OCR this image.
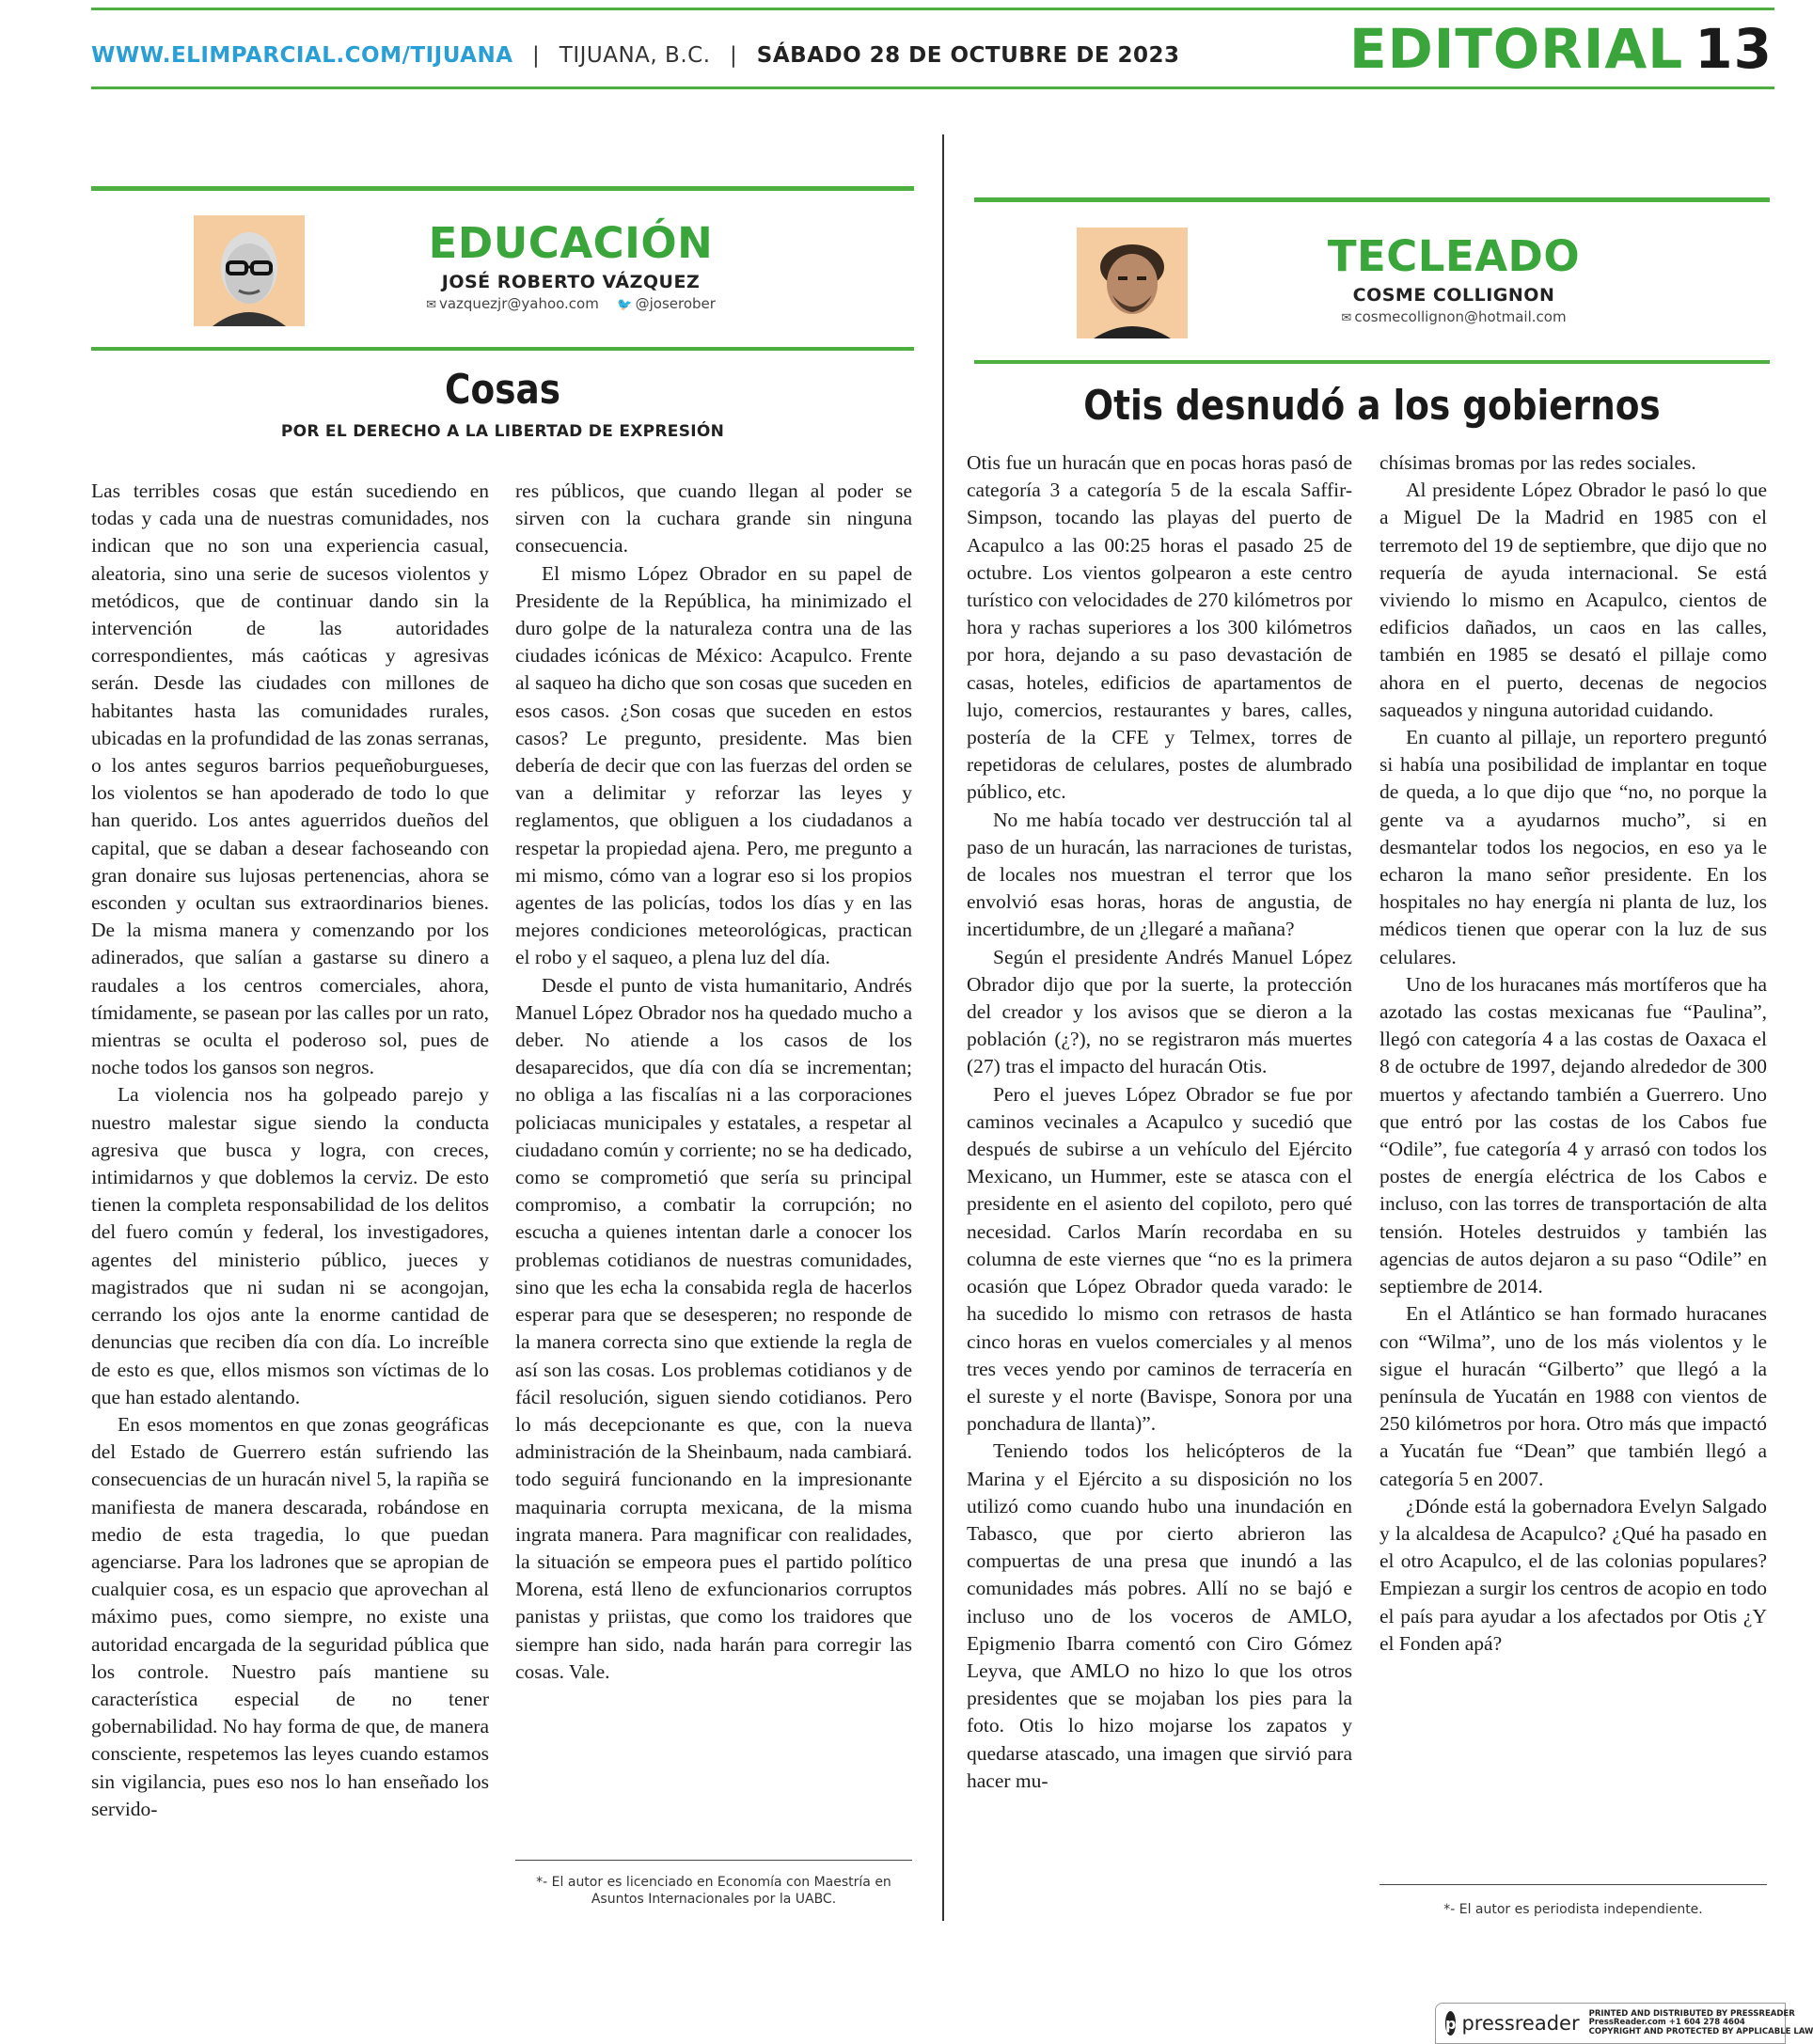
WWW.ELIMPARCIAL.COM/TIJUANA | TIJUANA, B.C. | SÁBADO 28 DE OCTUBRE DE 2023	EDITORIAL 13
EDUCACIÓN
JOSÉ ROBERTO VÁZQUEZ
✉ vazquezjr@yahoo.com 🐦 @joserober
Cosas
POR EL DERECHO A LA LIBERTAD DE EXPRESIÓN

Las terribles cosas que están sucediendo en todas y cada una de nuestras comunidades, nos indican que no son una experiencia casual, aleatoria, sino una serie de sucesos violentos y metódicos, que de continuar dando sin la intervención de las autoridades correspondientes, más caóticas y agresivas serán. Desde las ciudades con millones de habitantes hasta las comunidades rurales, ubicadas en la profundidad de las zonas serranas, o los antes seguros barrios pequeñoburgueses, los violentos se han apoderado de todo lo que han querido. Los antes aguerridos dueños del capital, que se daban a desear fachoseando con gran donaire sus lujosas pertenencias, ahora se esconden y ocultan sus extraordinarios bienes. De la misma manera y comenzando por los adinerados, que salían a gastarse su dinero a raudales a los centros comerciales, ahora, tímidamente, se pasean por las calles por un rato, mientras se oculta el poderoso sol, pues de noche todos los gansos son negros.

La violencia nos ha golpeado parejo y nuestro malestar sigue siendo la conducta agresiva que busca y logra, con creces, intimidarnos y que doblemos la cerviz. De esto tienen la completa responsabilidad de los delitos del fuero común y federal, los investigadores, agentes del ministerio público, jueces y magistrados que ni sudan ni se acongojan, cerrando los ojos ante la enorme cantidad de denuncias que reciben día con día. Lo increíble de esto es que, ellos mismos son víctimas de lo que han estado alentando.

En esos momentos en que zonas geográficas del Estado de Guerrero están sufriendo las consecuencias de un huracán nivel 5, la rapiña se manifiesta de manera descarada, robándose en medio de esta tragedia, lo que puedan agenciarse. Para los ladrones que se apropian de cualquier cosa, es un espacio que aprovechan al máximo pues, como siempre, no existe una autoridad encargada de la seguridad pública que los controle. Nuestro país mantiene su característica especial de no tener gobernabilidad. No hay forma de que, de manera consciente, respetemos las leyes cuando estamos sin vigilancia, pues eso nos lo han enseñado los servido-

res públicos, que cuando llegan al poder se sirven con la cuchara grande sin ninguna consecuencia.

El mismo López Obrador en su papel de Presidente de la República, ha minimizado el duro golpe de la naturaleza contra una de las ciudades icónicas de México: Acapulco. Frente al saqueo ha dicho que son cosas que suceden en esos casos. ¿Son cosas que suceden en estos casos? Le pregunto, presidente. Mas bien debería de decir que con las fuerzas del orden se van a delimitar y reforzar las leyes y reglamentos, que obliguen a los ciudadanos a respetar la propiedad ajena. Pero, me pregunto a mi mismo, cómo van a lograr eso si los propios agentes de las policías, todos los días y en las mejores condiciones meteorológicas, practican el robo y el saqueo, a plena luz del día.

Desde el punto de vista humanitario, Andrés Manuel López Obrador nos ha quedado mucho a deber. No atiende a los casos de los desaparecidos, que día con día se incrementan; no obliga a las fiscalías ni a las corporaciones policiacas municipales y estatales, a respetar al ciudadano común y corriente; no se ha dedicado, como se comprometió que sería su principal compromiso, a combatir la corrupción; no escucha a quienes intentan darle a conocer los problemas cotidianos de nuestras comunidades, sino que les echa la consabida regla de hacerlos esperar para que se desesperen; no responde de la manera correcta sino que extiende la regla de así son las cosas. Los problemas cotidianos y de fácil resolución, siguen siendo cotidianos. Pero lo más decepcionante es que, con la nueva administración de la Sheinbaum, nada cambiará. todo seguirá funcionando en la impresionante maquinaria corrupta mexicana, de la misma ingrata manera. Para magnificar con realidades, la situación se empeora pues el partido político Morena, está lleno de exfuncionarios corruptos panistas y priistas, que como los traidores que siempre han sido, nada harán para corregir las cosas. Vale.

*- El autor es licenciado en Economía con Maestría en Asuntos Internacionales por la UABC.
TECLEADO
COSME COLLIGNON
✉ cosmecollignon@hotmail.com
Otis desnudó a los gobiernos

Otis fue un huracán que en pocas horas pasó de categoría 3 a categoría 5 de la escala Saffir-Simpson, tocando las playas del puerto de Acapulco a las 00:25 horas el pasado 25 de octubre. Los vientos golpearon a este centro turístico con velocidades de 270 kilómetros por hora y rachas superiores a los 300 kilómetros por hora, dejando a su paso devastación de casas, hoteles, edificios de apartamentos de lujo, comercios, restaurantes y bares, calles, postería de la CFE y Telmex, torres de repetidoras de celulares, postes de alumbrado público, etc.

No me había tocado ver destrucción tal al paso de un huracán, las narraciones de turistas, de locales nos muestran el terror que los envolvió esas horas, horas de angustia, de incertidumbre, de un ¿llegaré a mañana?

Según el presidente Andrés Manuel López Obrador dijo que por la suerte, la protección del creador y los avisos que se dieron a la población (¿?), no se registraron más muertes (27) tras el impacto del huracán Otis.

Pero el jueves López Obrador se fue por caminos vecinales a Acapulco y sucedió que después de subirse a un vehículo del Ejército Mexicano, un Hummer, este se atasca con el presidente en el asiento del copiloto, pero qué necesidad. Carlos Marín recordaba en su columna de este viernes que “no es la primera ocasión que López Obrador queda varado: le ha sucedido lo mismo con retrasos de hasta cinco horas en vuelos comerciales y al menos tres veces yendo por caminos de terracería en el sureste y el norte (Bavispe, Sonora por una ponchadura de llanta)”.

Teniendo todos los helicópteros de la Marina y el Ejército a su disposición no los utilizó como cuando hubo una inundación en Tabasco, que por cierto abrieron las compuertas de una presa que inundó a las comunidades más pobres. Allí no se bajó e incluso uno de los voceros de AMLO, Epigmenio Ibarra comentó con Ciro Gómez Leyva, que AMLO no hizo lo que los otros presidentes que se mojaban los pies para la foto. Otis lo hizo mojarse los zapatos y quedarse atascado, una imagen que sirvió para hacer mu-

chísimas bromas por las redes sociales.

Al presidente López Obrador le pasó lo que a Miguel De la Madrid en 1985 con el terremoto del 19 de septiembre, que dijo que no requería de ayuda internacional. Se está viviendo lo mismo en Acapulco, cientos de edificios dañados, un caos en las calles, también en 1985 se desató el pillaje como ahora en el puerto, decenas de negocios saqueados y ninguna autoridad cuidando.

En cuanto al pillaje, un reportero preguntó si había una posibilidad de implantar en toque de queda, a lo que dijo que “no, no porque la gente va a ayudarnos mucho”, si en desmantelar todos los negocios, en eso ya le echaron la mano señor presidente. En los hospitales no hay energía ni planta de luz, los médicos tienen que operar con la luz de sus celulares.

Uno de los huracanes más mortíferos que ha azotado las costas mexicanas fue “Paulina”, llegó con categoría 4 a las costas de Oaxaca el 8 de octubre de 1997, dejando alrededor de 300 muertos y afectando también a Guerrero. Uno que entró por las costas de los Cabos fue “Odile”, fue categoría 4 y arrasó con todos los postes de energía eléctrica de los Cabos e incluso, con las torres de transportación de alta tensión. Hoteles destruidos y también las agencias de autos dejaron a su paso “Odile” en septiembre de 2014.

En el Atlántico se han formado huracanes con “Wilma”, uno de los más violentos y le sigue el huracán “Gilberto” que llegó a la península de Yucatán en 1988 con vientos de 250 kilómetros por hora. Otro más que impactó a Yucatán fue “Dean” que también llegó a categoría 5 en 2007.

¿Dónde está la gobernadora Evelyn Salgado y la alcaldesa de Acapulco? ¿Qué ha pasado en el otro Acapulco, el de las colonias populares? Empiezan a surgir los centros de acopio en todo el país para ayudar a los afectados por Otis ¿Y el Fonden apá?

*- El autor es periodista independiente.
p pressreader PRINTED AND DISTRIBUTED BY PRESSREADER
PressReader.com +1 604 278 4604
COPYRIGHT AND PROTECTED BY APPLICABLE LAW
